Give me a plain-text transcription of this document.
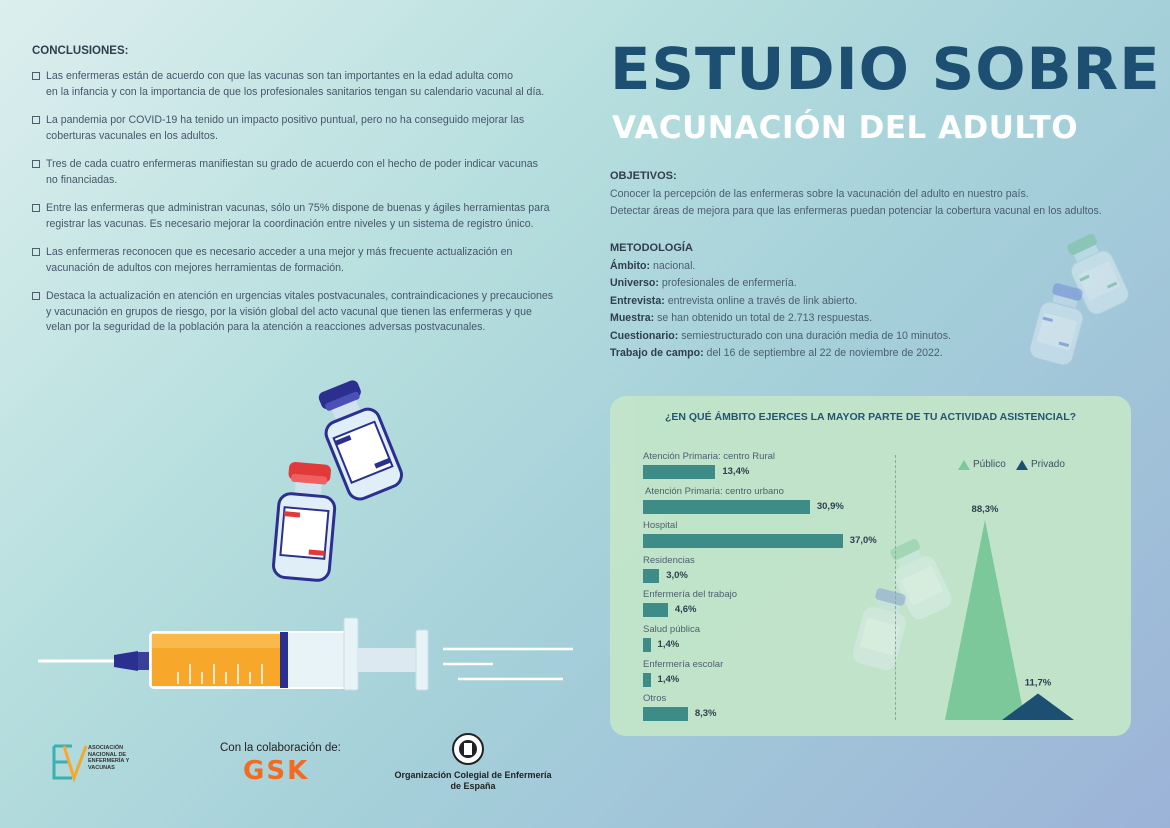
CONCLUSIONES:
Las enfermeras están de acuerdo con que las vacunas son tan importantes en la edad adulta como
en la infancia y con la importancia de que los profesionales sanitarios tengan su calendario vacunal al día.
La pandemia por COVID-19 ha tenido un impacto positivo puntual, pero no ha conseguido mejorar las
coberturas vacunales en los adultos.
Tres de cada cuatro enfermeras manifiestan su grado de acuerdo con el hecho de poder indicar vacunas
no financiadas.
Entre las enfermeras que administran vacunas, sólo un 75% dispone de buenas y ágiles herramientas para
registrar las vacunas. Es necesario mejorar la coordinación entre niveles y un sistema de registro único.
Las enfermeras reconocen que es necesario acceder a una mejor y más frecuente actualización en
vacunación de adultos con mejores herramientas de formación.
Destaca la actualización en atención en urgencias vitales postvacunales, contraindicaciones y precauciones
y vacunación en grupos de riesgo, por la visión global del acto vacunal que tienen las enfermeras y que
velan por la seguridad de la población para la atención a reacciones adversas postvacunales.
ESTUDIO SOBRE
VACUNACIÓN DEL ADULTO
OBJETIVOS:
Conocer la percepción de las enfermeras sobre la vacunación del adulto en nuestro país.
Detectar áreas de mejora para que las enfermeras puedan potenciar la cobertura vacunal en los adultos.
METODOLOGÍA
Ámbito: nacional.
Universo: profesionales de enfermería.
Entrevista: entrevista online a través de link abierto.
Muestra: se han obtenido un total de 2.713 respuestas.
Cuestionario: semiestructurado con una duración media de 10 minutos.
Trabajo de campo: del 16 de septiembre al 22 de noviembre de 2022.
¿EN QUÉ ÁMBITO EJERCES LA MAYOR PARTE DE TU ACTIVIDAD ASISTENCIAL?
Atención Primaria: centro Rural
13,4%
Atención Primaria: centro urbano
30,9%
Hospital
37,0%
Residencias
3,0%
Enfermería del trabajo
4,6%
Salud pública
1,4%
Enfermería escolar
1,4%
Otros
8,3%
Público	Privado
88,3%
11,7%
ASOCIACIÓN
NACIONAL DE
ENFERMERÍA Y
VACUNAS
Con la colaboración de:
GSK	Organización Colegial de Enfermería
de España
